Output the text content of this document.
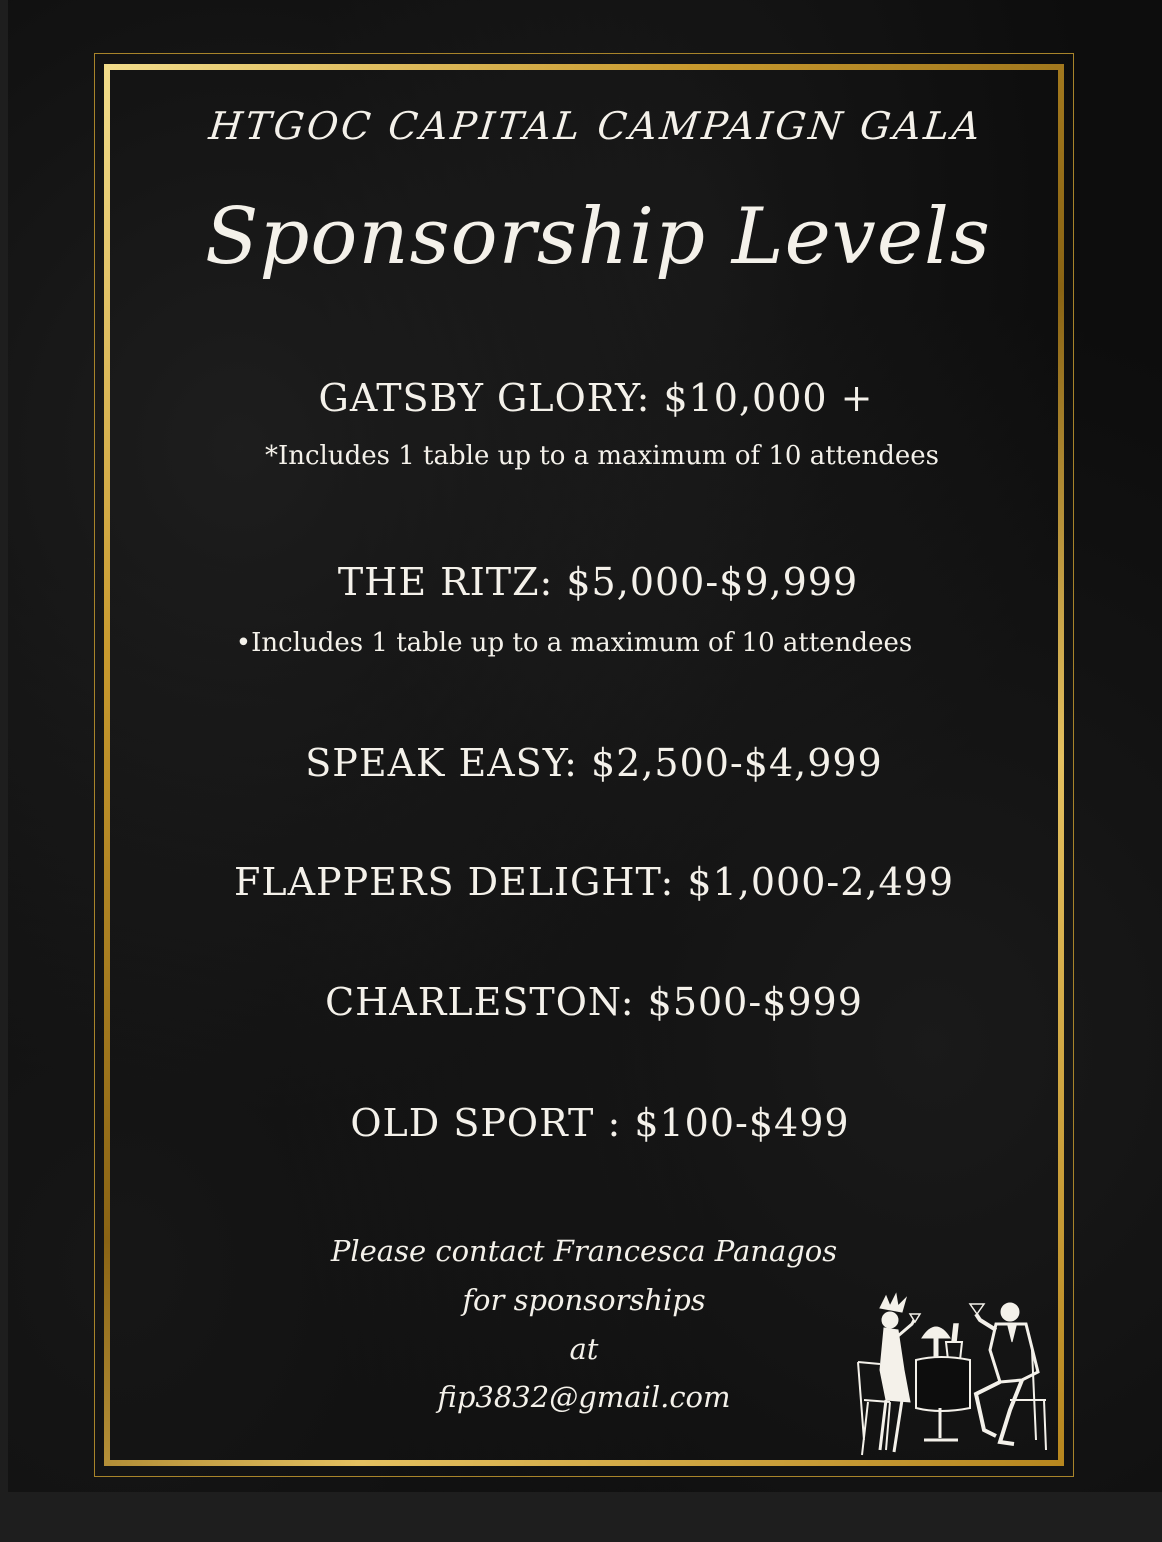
HTGOC CAPITAL CAMPAIGN GALA
Sponsorship Levels
GATSBY GLORY: $10,000 +
*Includes 1 table up to a maximum of 10 attendees
THE RITZ: $5,000-$9,999
•Includes 1 table up to a maximum of 10 attendees
SPEAK EASY: $2,500-$4,999
FLAPPERS DELIGHT: $1,000-2,499
CHARLESTON: $500-$999
OLD SPORT : $100-$499
Please contact Francesca Panagos
for sponsorships
at
fip3832@gmail.com
